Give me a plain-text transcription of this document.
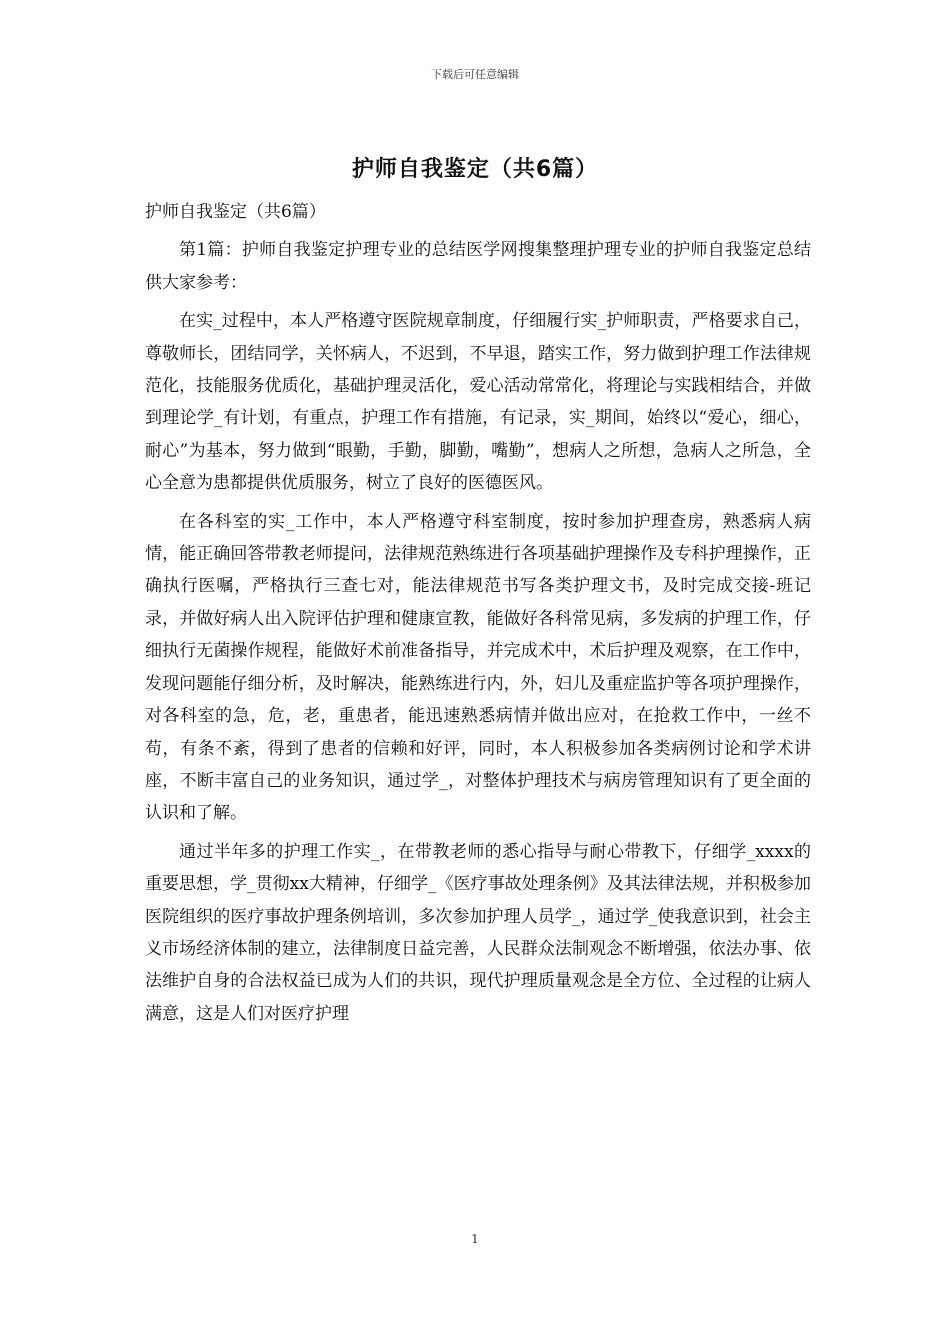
下载后可任意编辑
护师自我鉴定（共6篇）

护师自我鉴定（共6篇）

第1篇：护师自我鉴定护理专业的总结医学网搜集整理护理专业的护师自我鉴定总结供大家参考：

在实_过程中，本人严格遵守医院规章制度，仔细履行实_护师职责，严格要求自己，尊敬师长，团结同学，关怀病人，不迟到，不早退，踏实工作，努力做到护理工作法律规范化，技能服务优质化，基础护理灵活化，爱心活动常常化，将理论与实践相结合，并做到理论学_有计划，有重点，护理工作有措施，有记录，实_期间，始终以“爱心，细心，耐心”为基本，努力做到“眼勤，手勤，脚勤，嘴勤”，想病人之所想，急病人之所急，全心全意为患都提供优质服务，树立了良好的医德医风。

在各科室的实_工作中，本人严格遵守科室制度，按时参加护理查房，熟悉病人病情，能正确回答带教老师提问，法律规范熟练进行各项基础护理操作及专科护理操作，正确执行医嘱，严格执行三查七对，能法律规范书写各类护理文书，及时完成交接-班记录，并做好病人出入院评估护理和健康宣教，能做好各科常见病，多发病的护理工作，仔细执行无菌操作规程，能做好术前准备指导，并完成术中，术后护理及观察，在工作中，发现问题能仔细分析，及时解决，能熟练进行内，外，妇儿及重症监护等各项护理操作，对各科室的急，危，老，重患者，能迅速熟悉病情并做出应对，在抢救工作中，一丝不苟，有条不紊，得到了患者的信赖和好评，同时，本人积极参加各类病例讨论和学术讲座，不断丰富自己的业务知识，通过学_，对整体护理技术与病房管理知识有了更全面的认识和了解。

通过半年多的护理工作实_，在带教老师的悉心指导与耐心带教下，仔细学_xxxx的重要思想，学_贯彻xx大精神，仔细学_《医疗事故处理条例》及其法律法规，并积极参加医院组织的医疗事故护理条例培训，多次参加护理人员学_，通过学_使我意识到，社会主义市场经济体制的建立，法律制度日益完善，人民群众法制观念不断增强，依法办事、依法维护自身的合法权益已成为人们的共识，现代护理质量观念是全方位、全过程的让病人满意，这是人们对医疗护理

1
